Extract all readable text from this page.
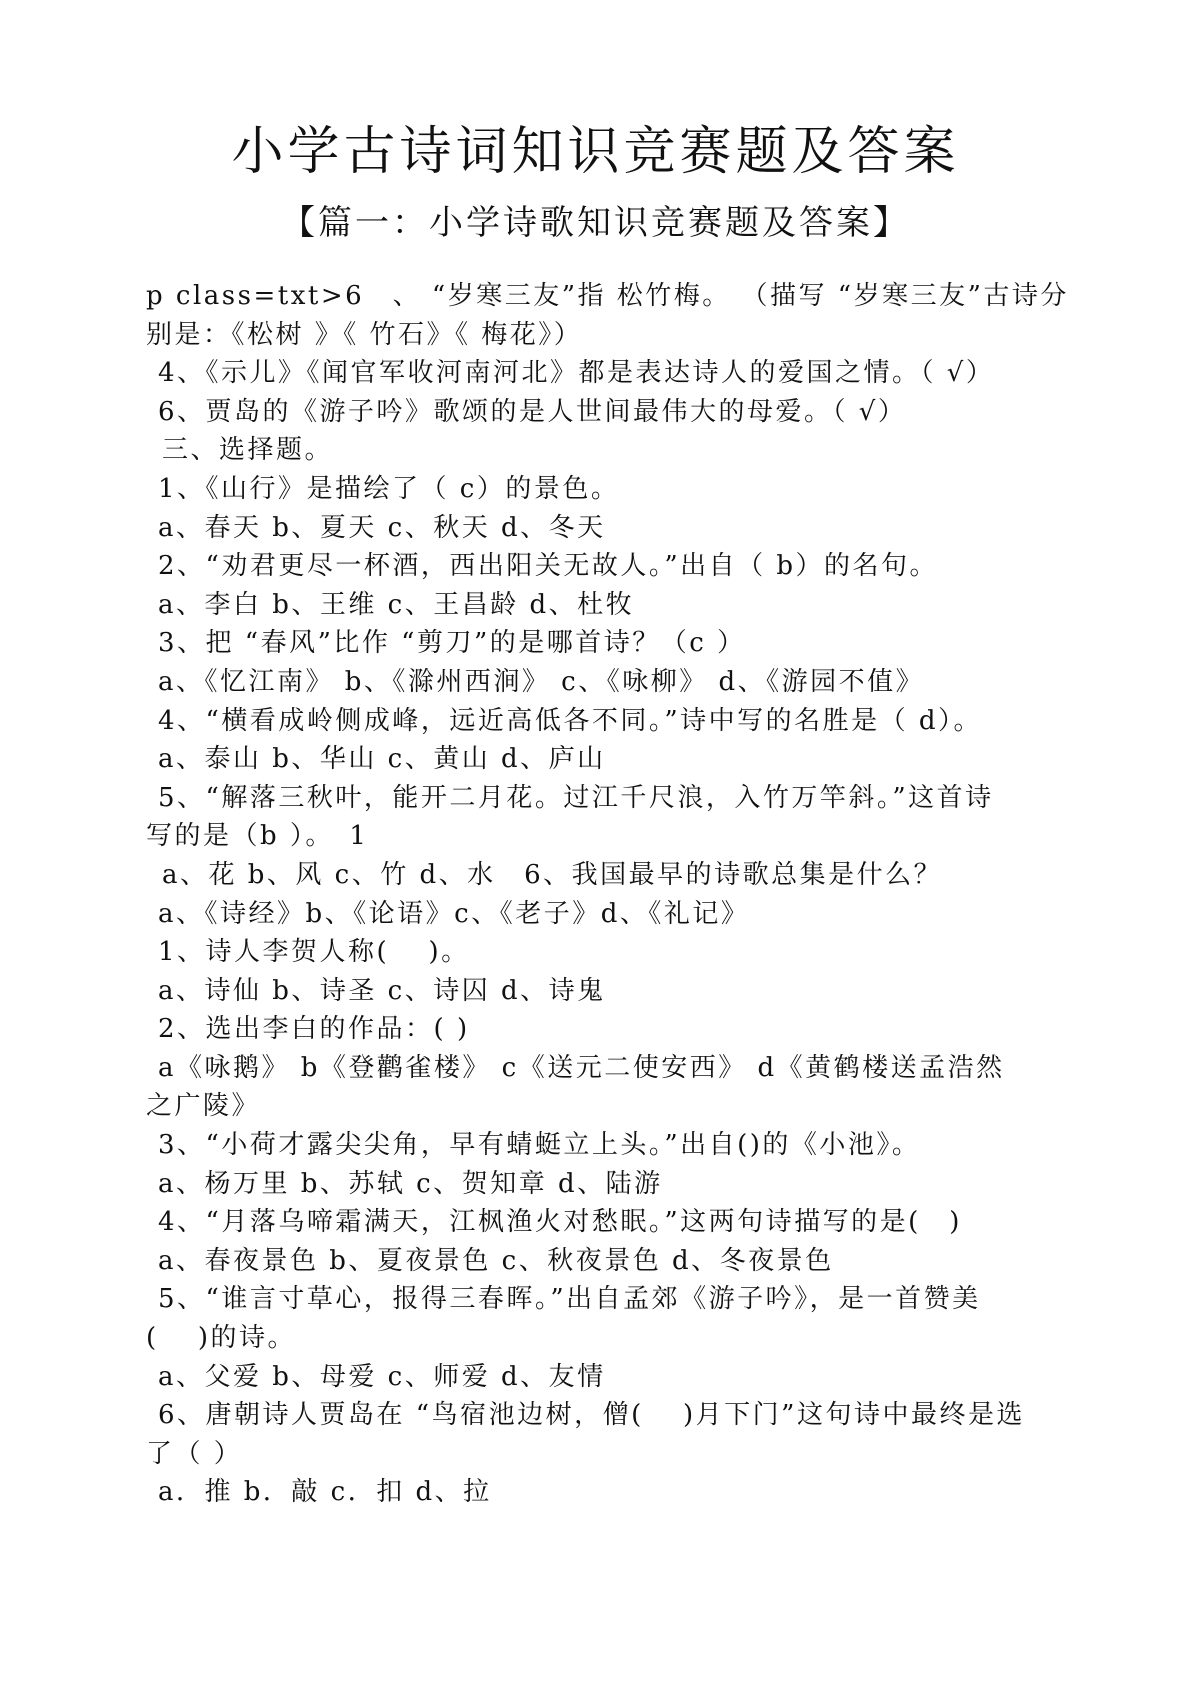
小学古诗词知识竞赛题及答案
【篇一：小学诗歌知识竞赛题及答案】
p class=txt>6　、 “岁寒三友”指 松竹梅。 （描写 “岁寒三友”古诗分
别是：《松树 》《 竹石》《 梅花》）
4、《示儿》《闻官军收河南河北》都是表达诗人的爱国之情。（ √）
6、贾岛的《游子吟》歌颂的是人世间最伟大的母爱。（ √）
三、选择题。
1、《山行》是描绘了（ c）的景色。
a、春天 b、夏天 c、秋天 d、冬天
2、“劝君更尽一杯酒，西出阳关无故人。”出自（ b）的名句。
a、李白 b、王维 c、王昌龄 d、杜牧
3、把 “春风”比作 “剪刀”的是哪首诗？（c ）
a、《忆江南》 b、《滁州西涧》 c、《咏柳》 d、《游园不值》
4、“横看成岭侧成峰，远近高低各不同。”诗中写的名胜是（ d）。
a、泰山 b、华山 c、黄山 d、庐山
5、“解落三秋叶，能开二月花。过江千尺浪，入竹万竿斜。”这首诗
写的是（b ）。　1
a、花 b、风 c、竹 d、水　6、我国最早的诗歌总集是什么？
a、《诗经》b、《论语》c、《老子》d、《礼记》
1、诗人李贺人称(　 )。
a、诗仙 b、诗圣 c、诗囚 d、诗鬼
2、选出李白的作品：( )
a《咏鹅》 b《登鹳雀楼》 c《送元二使安西》 d《黄鹤楼送孟浩然
之广陵》
3、“小荷才露尖尖角，早有蜻蜓立上头。”出自()的《小池》。
a、杨万里 b、苏轼 c、贺知章 d、陆游
4、“月落乌啼霜满天，江枫渔火对愁眠。”这两句诗描写的是(　)
a、春夜景色 b、夏夜景色 c、秋夜景色 d、冬夜景色
5、“谁言寸草心，报得三春晖。”出自孟郊《游子吟》，是一首赞美
(　 )的诗。
a、父爱 b、母爱 c、师爱 d、友情
6、唐朝诗人贾岛在 “鸟宿池边树，僧(　 )月下门”这句诗中最终是选
了（ ）
a．推 b．敲 c．扣 d、拉
